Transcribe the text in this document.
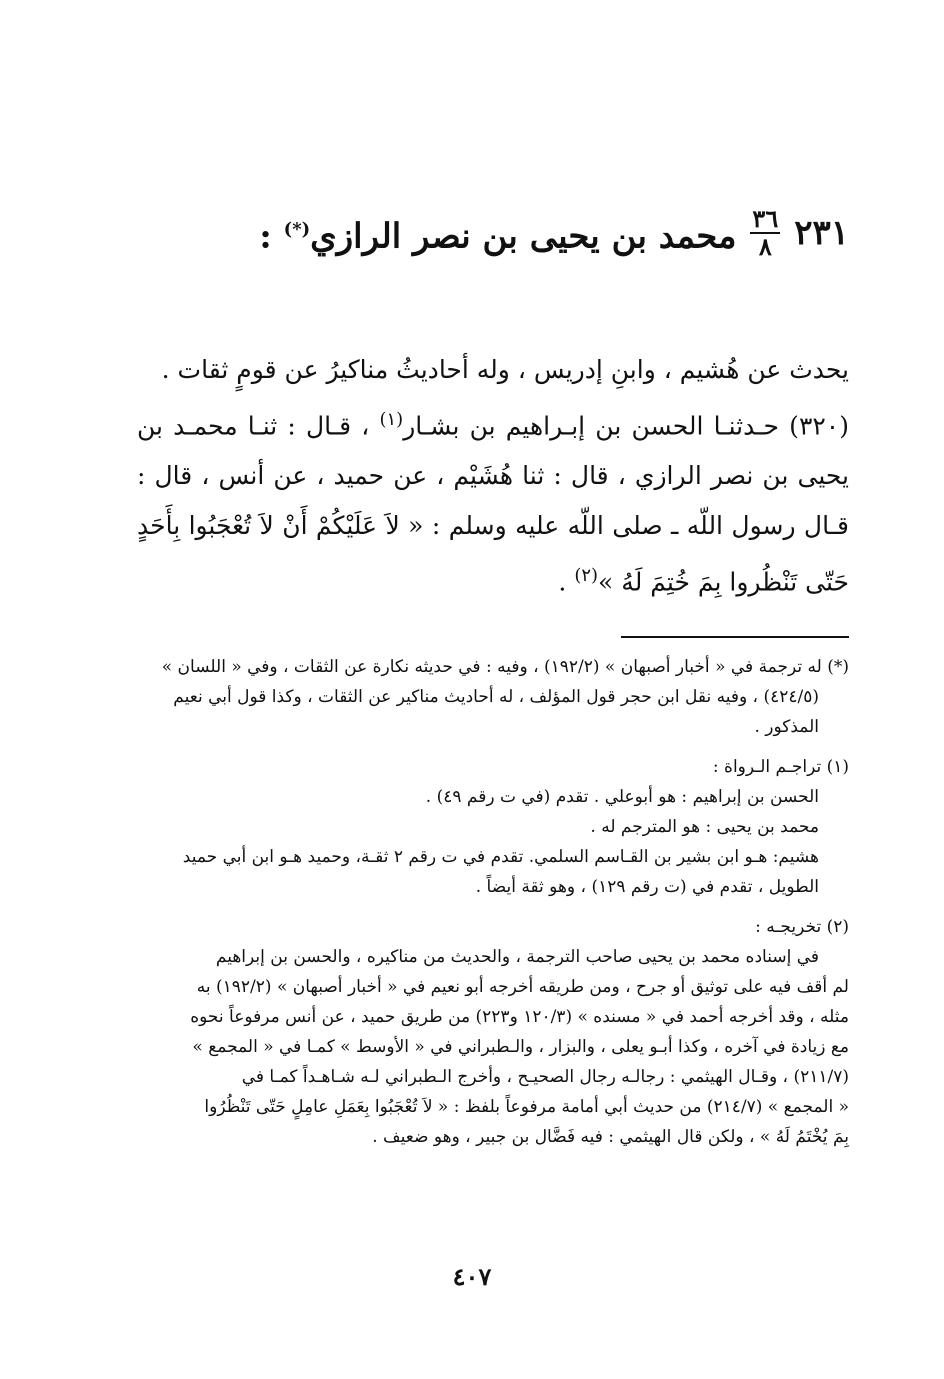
٢٣١
$\frac{٣٦}{٨}$
محمد بن يحيى بن نصر الرازي(*) :

يحدث عن هُشيم ، وابنِ إدريس ، وله أحاديثُ مناكيرُ عن قومٍ ثقات .

(٣٢٠) حـدثنـا الحسن بن إبـراهيم بن بشـار$^{(١)}$ ، قـال : ثنـا محمـد بن يحيى بن نصر الرازي ، قال : ثنا هُشَيْم ، عن حميد ، عن أنس ، قال : قـال رسول اللّه ـ صلى اللّه عليه وسلم : « لاَ عَلَيْكُمْ أَنْ لاَ تُعْجَبُوا بِأَحَدٍ حَتّى تَنْظُروا بِمَ خُتِمَ لَهُ »$^{(٢)}$ .

(*) له ترجمة في « أخبار أصبهان » (١٩٢/٢) ، وفيه : في حديثه نكارة عن الثقات ، وفي « اللسان »

(٤٢٤/٥) ، وفيه نقل ابن حجر قول المؤلف ، له أحاديث مناكير عن الثقات ، وكذا قول أبي نعيم

المذكور .

(١) تراجـم الـرواة :

الحسن بن إبراهيم : هو أبوعلي . تقدم (في ت رقم ٤٩) .

محمد بن يحيى : هو المترجم له .

هشيم: هـو ابن بشير بن القـاسم السلمي. تقدم في ت رقم ٢ ثقـة، وحميد هـو ابن أبي حميد

الطويل ، تقدم في (ت رقم ١٢٩) ، وهو ثقة أيضاً .

(٢) تخريجـه :

في إسناده محمد بن يحيى صاحب الترجمة ، والحديث من مناكيره ، والحسن بن إبراهيم

لم أقف فيه على توثيق أو جرح ، ومن طريقه أخرجه أبو نعيم في « أخبار أصبهان » (١٩٢/٢) به

مثله ، وقد أخرجه أحمد في « مسنده » (١٢٠/٣ و٢٢٣) من طريق حميد ، عن أنس مرفوعاً نحوه

مع زيادة في آخره ، وكذا أبـو يعلى ، والبزار ، والـطبراني في « الأوسط » كمـا في « المجمع »

(٢١١/٧) ، وقـال الهيثمي : رجالـه رجال الصحيـح ، وأخرج الـطبراني لـه شـاهـداً كمـا في

« المجمع » (٢١٤/٧) من حديث أبي أمامة مرفوعاً بلفظ : « لاَ تُعْجَبُوا بِعَمَلِ عامِلٍ حَتّى تَنْظُرُوا

بِمَ يُخْتَمُ لَهُ » ، ولكن قال الهيثمي : فيه فَضَّال بن جبير ، وهو ضعيف .

٤٠٧
